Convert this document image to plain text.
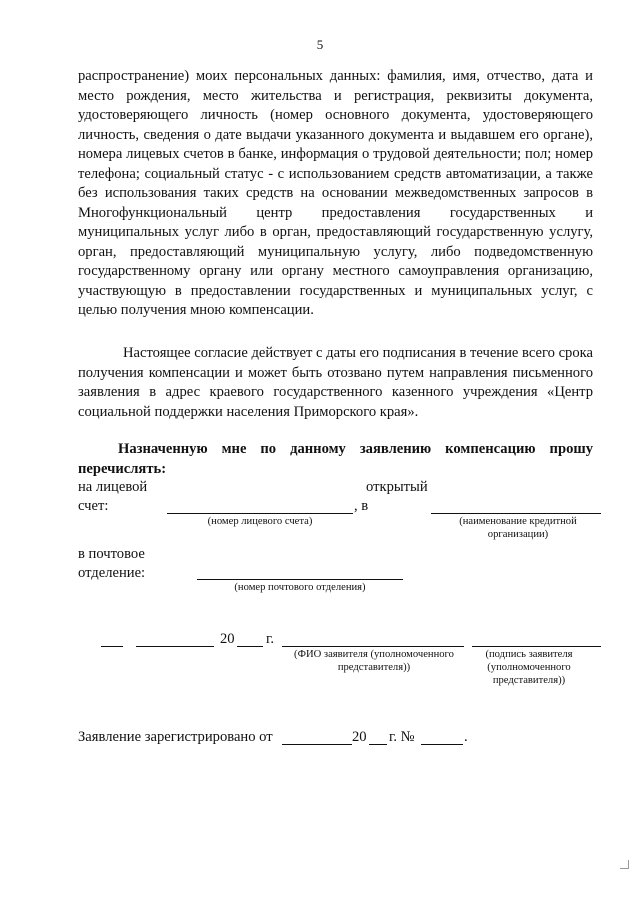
5

распространение) моих персональных данных: фамилия, имя, отчество, дата и место рождения, место жительства и регистрация, реквизиты документа, удостоверяющего личность (номер основного документа, удостоверяющего личность, сведения о дате выдачи указанного документа и выдавшем его органе), номера лицевых счетов в банке, информация о трудовой деятельности; пол; номер телефона; социальный статус - с использованием средств автоматизации, а также без использования таких средств на основании межведомственных запросов в Многофункциональный центр предоставления государственных и муниципальных услуг либо в орган, предоставляющий государственную услугу, орган, предоставляющий муниципальную услугу, либо подведомственную государственному органу или органу местного самоуправления организацию, участвующую в предоставлении государственных и муниципальных услуг, с целью получения мною компенсации.

Настоящее согласие действует с даты его подписания в течение всего срока получения компенсации и может быть отозвано путем направления письменного заявления в адрес краевого государственного казенного учреждения «Центр социальной поддержки населения Приморского края».

Назначенную мне по данному заявлению компенсацию прошу перечислять:

на лицевой
счет:	, в
открытый
(номер лицевого счета)	(наименование кредитной организации)
в почтовое
отделение:
(номер почтового отделения)
20 г.
(ФИО заявителя (уполномоченного представителя))
(подпись заявителя (уполномоченного представителя))
Заявление зарегистрировано от	20 г. №	.
